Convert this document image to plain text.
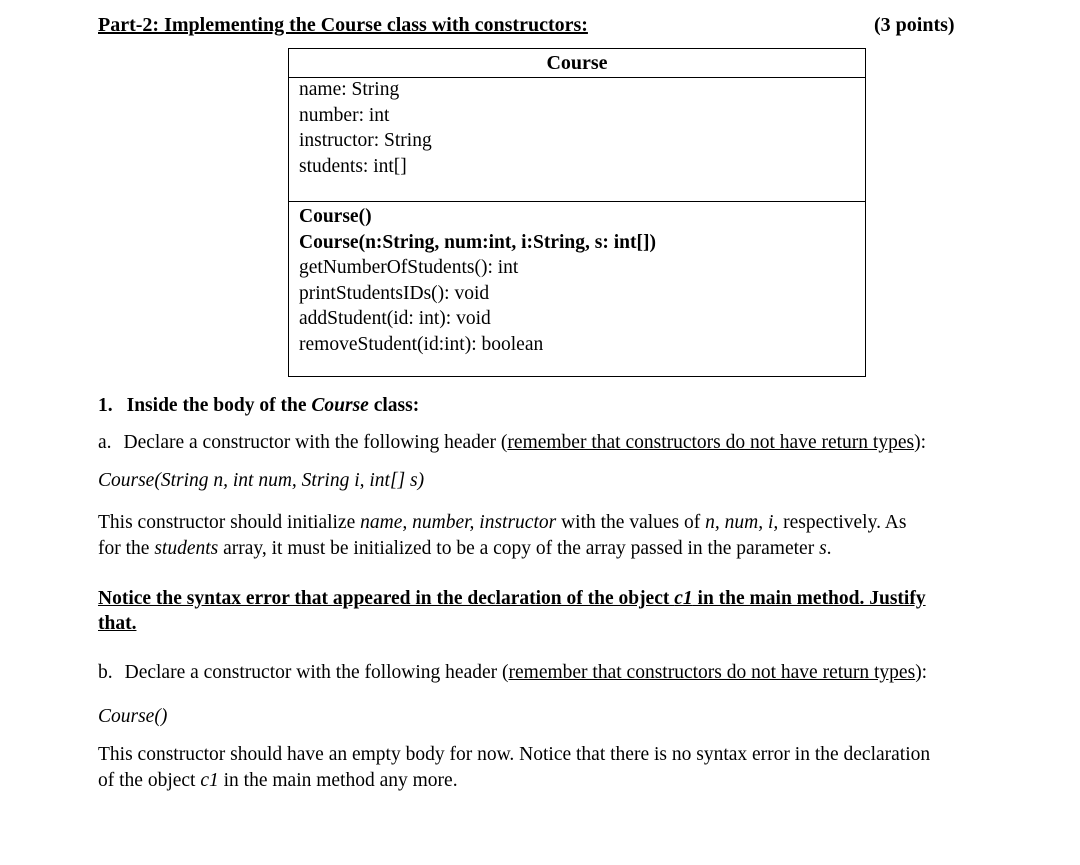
Part-2: Implementing the Course class with constructors:	(3 points)
Course
name: String
number: int
instructor: String
students: int[]
Course()
Course(n:String, num:int, i:String, s: int[])
getNumberOfStudents(): int
printStudentsIDs(): void
addStudent(id: int): void
removeStudent(id:int): boolean
1. Inside the body of the Course class:
a. Declare a constructor with the following header (remember that constructors do not have return types):
Course(String n, int num, String i, int[] s)
This constructor should initialize name, number, instructor with the values of n, num, i, respectively. As
for the students array, it must be initialized to be a copy of the array passed in the parameter s.
Notice the syntax error that appeared in the declaration of the object c1 in the main method. Justify
that.
b. Declare a constructor with the following header (remember that constructors do not have return types):
Course()
This constructor should have an empty body for now. Notice that there is no syntax error in the declaration
of the object c1 in the main method any more.
